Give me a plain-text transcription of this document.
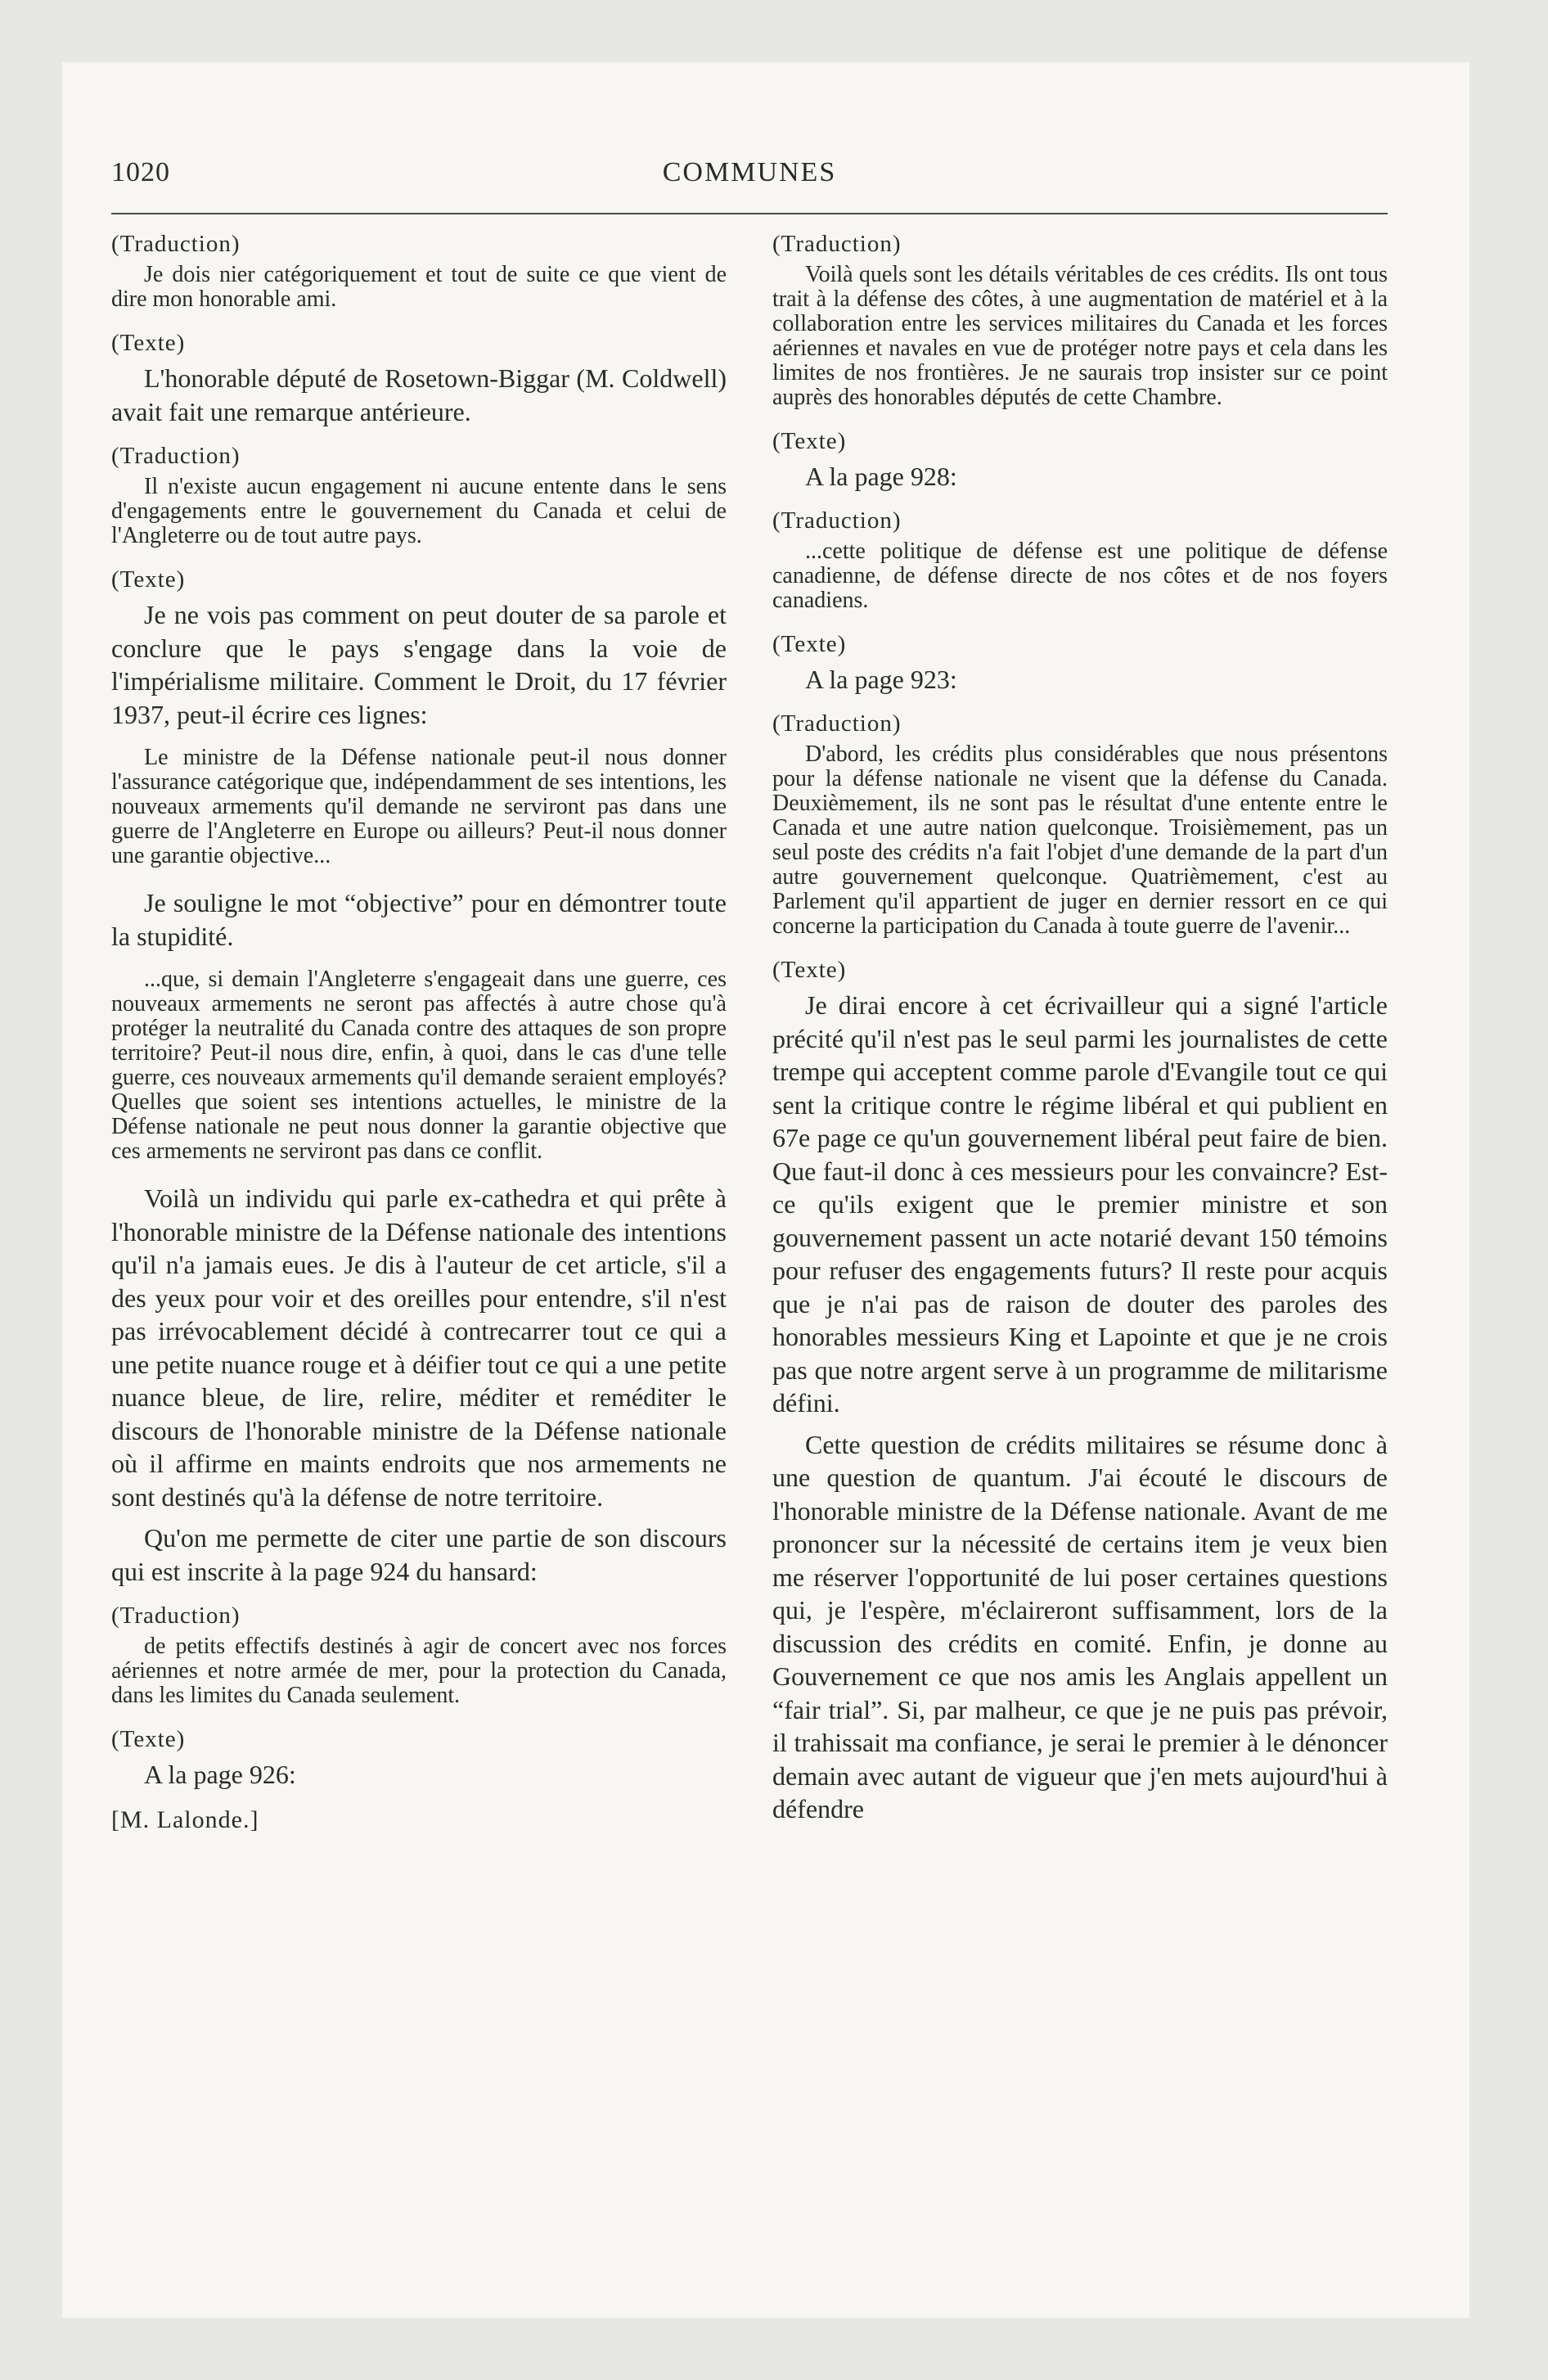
1020	COMMUNES

(Traduction)

Je dois nier catégoriquement et tout de suite ce que vient de dire mon honorable ami.

(Texte)

L'honorable député de Rosetown-Biggar (M. Coldwell) avait fait une remarque antérieure.

(Traduction)

Il n'existe aucun engagement ni aucune entente dans le sens d'engagements entre le gouvernement du Canada et celui de l'Angleterre ou de tout autre pays.

(Texte)

Je ne vois pas comment on peut douter de sa parole et conclure que le pays s'engage dans la voie de l'impérialisme militaire. Comment le Droit, du 17 février 1937, peut-il écrire ces lignes:

Le ministre de la Défense nationale peut-il nous donner l'assurance catégorique que, indépendamment de ses intentions, les nouveaux armements qu'il demande ne serviront pas dans une guerre de l'Angleterre en Europe ou ailleurs? Peut-il nous donner une garantie objective...

Je souligne le mot “objective” pour en démontrer toute la stupidité.

...que, si demain l'Angleterre s'engageait dans une guerre, ces nouveaux armements ne seront pas affectés à autre chose qu'à protéger la neutralité du Canada contre des attaques de son propre territoire? Peut-il nous dire, enfin, à quoi, dans le cas d'une telle guerre, ces nouveaux armements qu'il demande seraient employés? Quelles que soient ses intentions actuelles, le ministre de la Défense nationale ne peut nous donner la garantie objective que ces armements ne serviront pas dans ce conflit.

Voilà un individu qui parle ex-cathedra et qui prête à l'honorable ministre de la Défense nationale des intentions qu'il n'a jamais eues. Je dis à l'auteur de cet article, s'il a des yeux pour voir et des oreilles pour entendre, s'il n'est pas irrévocablement décidé à contrecarrer tout ce qui a une petite nuance rouge et à déifier tout ce qui a une petite nuance bleue, de lire, relire, méditer et reméditer le discours de l'honorable ministre de la Défense nationale où il affirme en maints endroits que nos armements ne sont destinés qu'à la défense de notre territoire.

Qu'on me permette de citer une partie de son discours qui est inscrite à la page 924 du hansard:

(Traduction)

de petits effectifs destinés à agir de concert avec nos forces aériennes et notre armée de mer, pour la protection du Canada, dans les limites du Canada seulement.

(Texte)

A la page 926:

[M. Lalonde.]

(Traduction)

Voilà quels sont les détails véritables de ces crédits. Ils ont tous trait à la défense des côtes, à une augmentation de matériel et à la collaboration entre les services militaires du Canada et les forces aériennes et navales en vue de protéger notre pays et cela dans les limites de nos frontières. Je ne saurais trop insister sur ce point auprès des honorables députés de cette Chambre.

(Texte)

A la page 928:

(Traduction)

...cette politique de défense est une politique de défense canadienne, de défense directe de nos côtes et de nos foyers canadiens.

(Texte)

A la page 923:

(Traduction)

D'abord, les crédits plus considérables que nous présentons pour la défense nationale ne visent que la défense du Canada. Deuxièmement, ils ne sont pas le résultat d'une entente entre le Canada et une autre nation quelconque. Troisièmement, pas un seul poste des crédits n'a fait l'objet d'une demande de la part d'un autre gouvernement quelconque. Quatrièmement, c'est au Parlement qu'il appartient de juger en dernier ressort en ce qui concerne la participation du Canada à toute guerre de l'avenir...

(Texte)

Je dirai encore à cet écrivailleur qui a signé l'article précité qu'il n'est pas le seul parmi les journalistes de cette trempe qui acceptent comme parole d'Evangile tout ce qui sent la critique contre le régime libéral et qui publient en 67e page ce qu'un gouvernement libéral peut faire de bien. Que faut-il donc à ces messieurs pour les convaincre? Est-ce qu'ils exigent que le premier ministre et son gouvernement passent un acte notarié devant 150 témoins pour refuser des engagements futurs? Il reste pour acquis que je n'ai pas de raison de douter des paroles des honorables messieurs King et Lapointe et que je ne crois pas que notre argent serve à un programme de militarisme défini.

Cette question de crédits militaires se résume donc à une question de quantum. J'ai écouté le discours de l'honorable ministre de la Défense nationale. Avant de me prononcer sur la nécessité de certains item je veux bien me réserver l'opportunité de lui poser certaines questions qui, je l'espère, m'éclaireront suffisamment, lors de la discussion des crédits en comité. Enfin, je donne au Gouvernement ce que nos amis les Anglais appellent un “fair trial”. Si, par malheur, ce que je ne puis pas prévoir, il trahissait ma confiance, je serai le premier à le dénoncer demain avec autant de vigueur que j'en mets aujourd'hui à défendre
